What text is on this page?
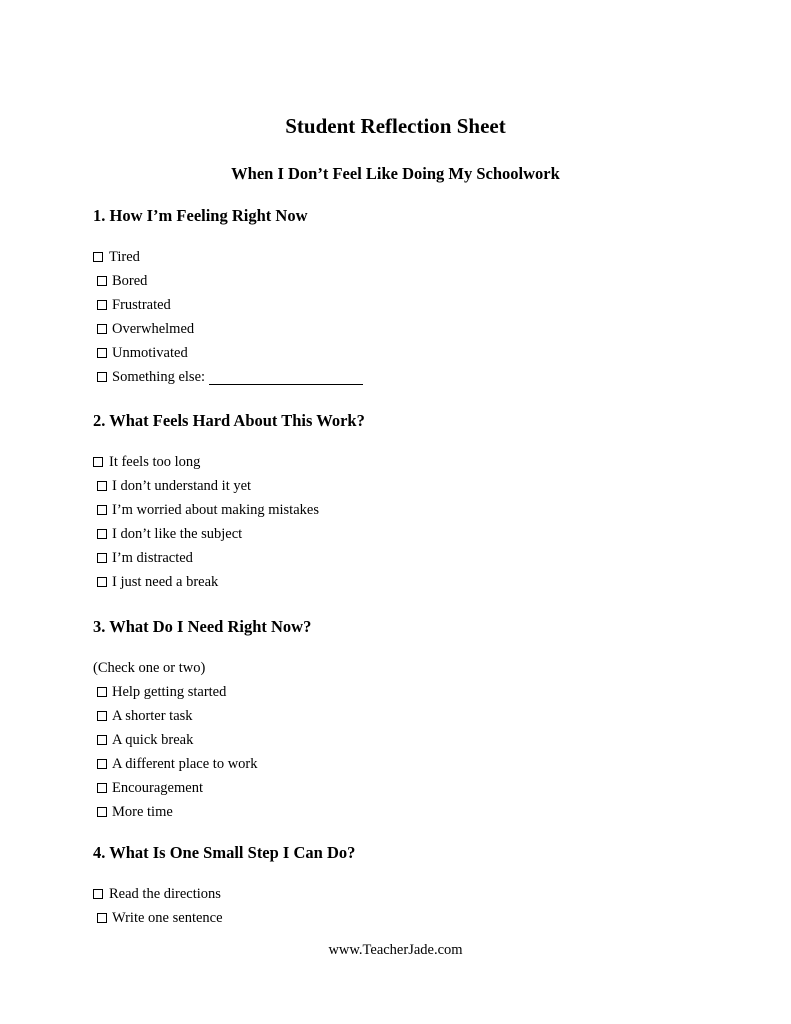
Student Reflection Sheet
When I Don’t Feel Like Doing My Schoolwork
1. How I’m Feeling Right Now
Tired
Bored
Frustrated
Overwhelmed
Unmotivated
Something else:
2. What Feels Hard About This Work?
It feels too long
I don’t understand it yet
I’m worried about making mistakes
I don’t like the subject
I’m distracted
I just need a break
3. What Do I Need Right Now?

(Check one or two)

Help getting started
A shorter task
A quick break
A different place to work
Encouragement
More time
4. What Is One Small Step I Can Do?
Read the directions
Write one sentence

www.TeacherJade.com
